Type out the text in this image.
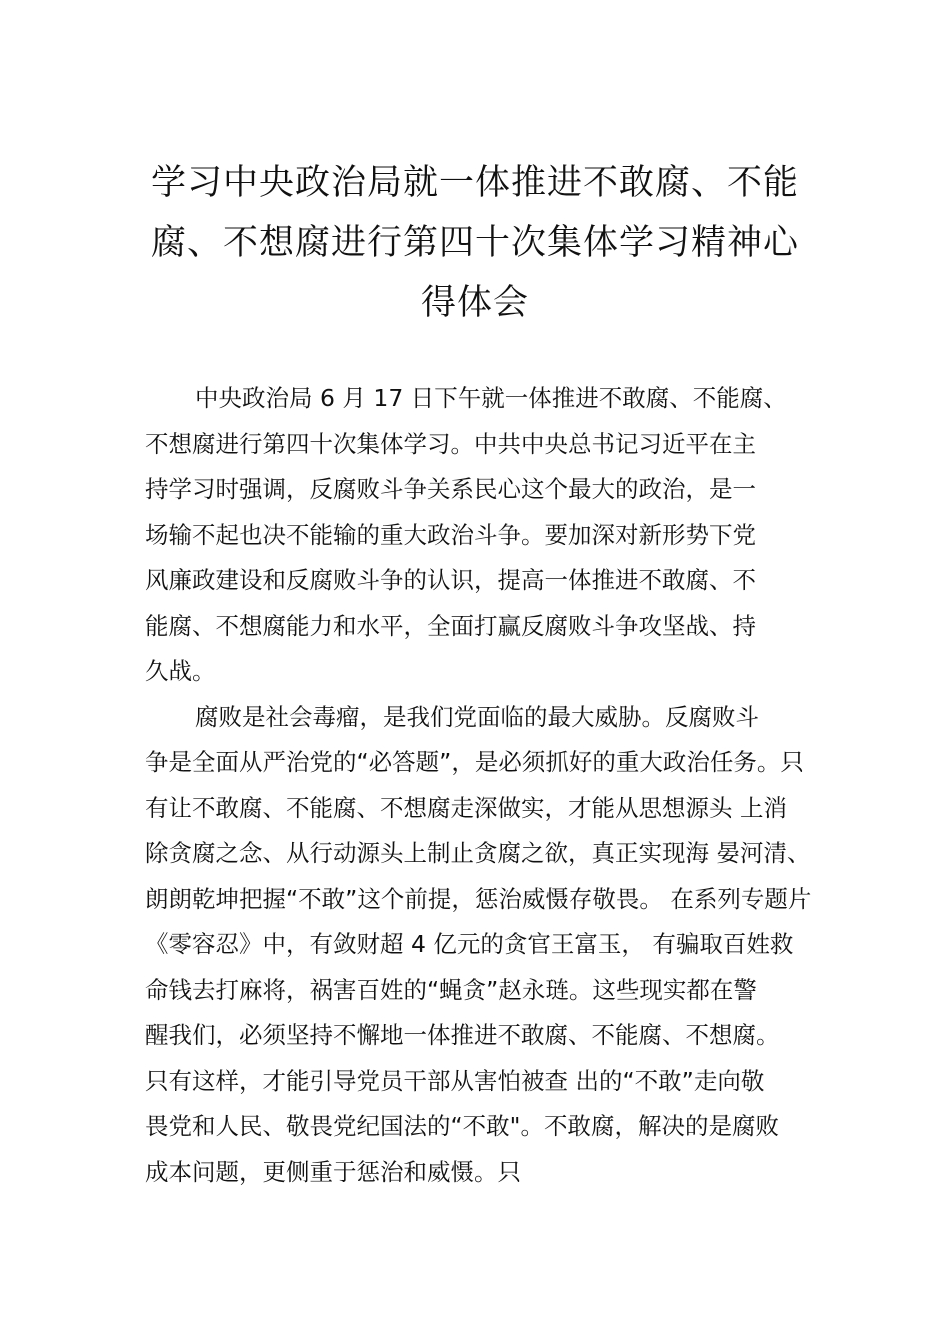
学习中央政治局就一体推进不敢腐、不能
腐、不想腐进行第四十次集体学习精神心
得体会
中央政治局 6 月 17 日下午就一体推进不敢腐、不能腐、
不想腐进行第四十次集体学习。中共中央总书记习近平在主
持学习时强调，反腐败斗争关系民心这个最大的政治，是一
场输不起也决不能输的重大政治斗争。要加深对新形势下党
风廉政建设和反腐败斗争的认识，提高一体推进不敢腐、不
能腐、不想腐能力和水平，全面打赢反腐败斗争攻坚战、持
久战。
腐败是社会毒瘤，是我们党面临的最大威胁。反腐败斗
争是全面从严治党的“必答题”，是必须抓好的重大政治任务。只
有让不敢腐、不能腐、不想腐走深做实，才能从思想源头 上消
除贪腐之念、从行动源头上制止贪腐之欲，真正实现海 晏河清、
朗朗乾坤把握“不敢”这个前提，惩治威慑存敬畏。 在系列专题片
《零容忍》中，有敛财超 4 亿元的贪官王富玉， 有骗取百姓救
命钱去打麻将，祸害百姓的“蝇贪”赵永琏。这些现实都在警
醒我们，必须坚持不懈地一体推进不敢腐、不能腐、不想腐。
只有这样，才能引导党员干部从害怕被查 出的“不敢”走向敬
畏党和人民、敬畏党纪国法的“不敢"。不敢腐，解决的是腐败
成本问题，更侧重于惩治和威慑。只
